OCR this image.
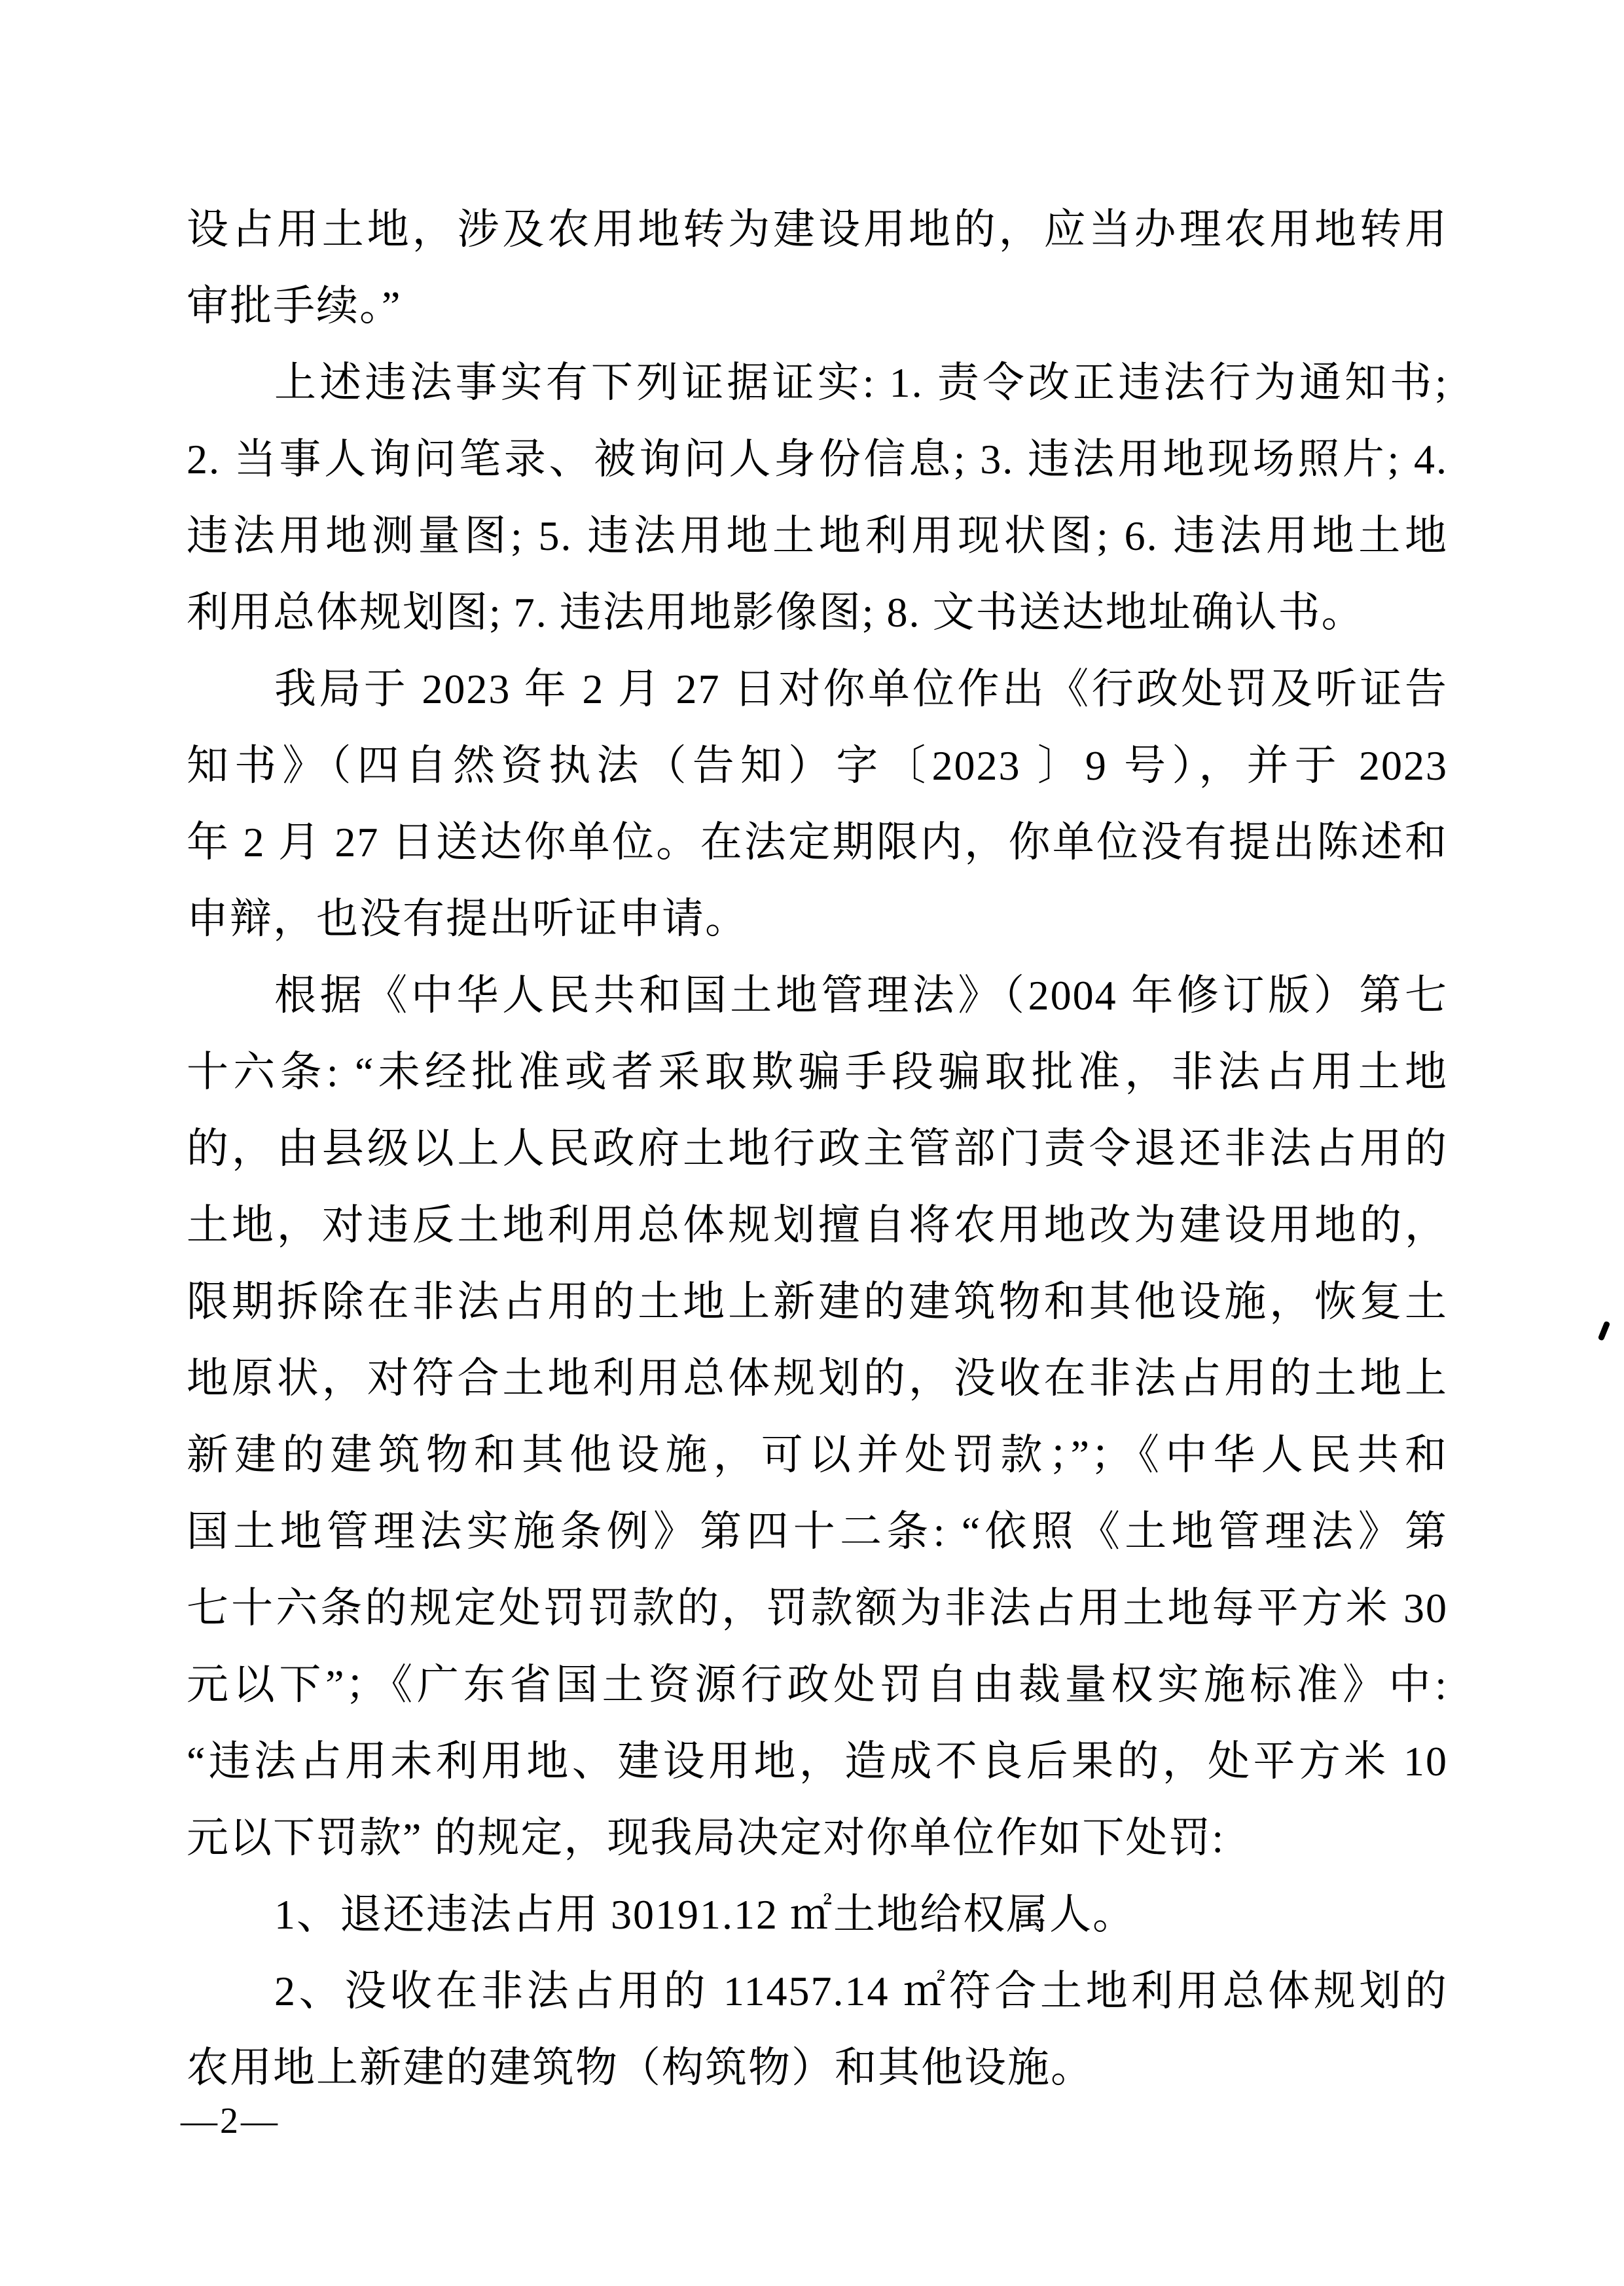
设占用土地，涉及农用地转为建设用地的，应当办理农用地转用
审批手续。”
上述违法事实有下列证据证实: 1. 责令改正违法行为通知书;
2. 当事人询问笔录、被询问人身份信息; 3. 违法用地现场照片; 4.
违法用地测量图; 5. 违法用地土地利用现状图; 6. 违法用地土地
利用总体规划图; 7. 违法用地影像图; 8. 文书送达地址确认书。
我局于 2023 年 2 月 27 日对你单位作出《行政处罚及听证告
知书》（四自然资执法（告知）字〔2023 〕9 号），并于 2023
年 2 月 27 日送达你单位。在法定期限内，你单位没有提出陈述和
申辩，也没有提出听证申请。
根据《中华人民共和国土地管理法》（2004 年修订版）第七
十六条: “未经批准或者采取欺骗手段骗取批准，非法占用土地
的，由县级以上人民政府土地行政主管部门责令退还非法占用的
土地，对违反土地利用总体规划擅自将农用地改为建设用地的，
限期拆除在非法占用的土地上新建的建筑物和其他设施，恢复土
地原状，对符合土地利用总体规划的，没收在非法占用的土地上
新建的建筑物和其他设施，可以并处罚款；”；《中华人民共和
国土地管理法实施条例》第四十二条: “依照《土地管理法》第
七十六条的规定处罚罚款的，罚款额为非法占用土地每平方米 30
元以下”；《广东省国土资源行政处罚自由裁量权实施标准》中:
“违法占用未利用地、建设用地，造成不良后果的，处平方米 10
元以下罚款” 的规定，现我局决定对你单位作如下处罚:
1、退还违法占用 30191.12 ㎡土地给权属人。
2、没收在非法占用的 11457.14 ㎡符合土地利用总体规划的
农用地上新建的建筑物（构筑物）和其他设施。
—2—
